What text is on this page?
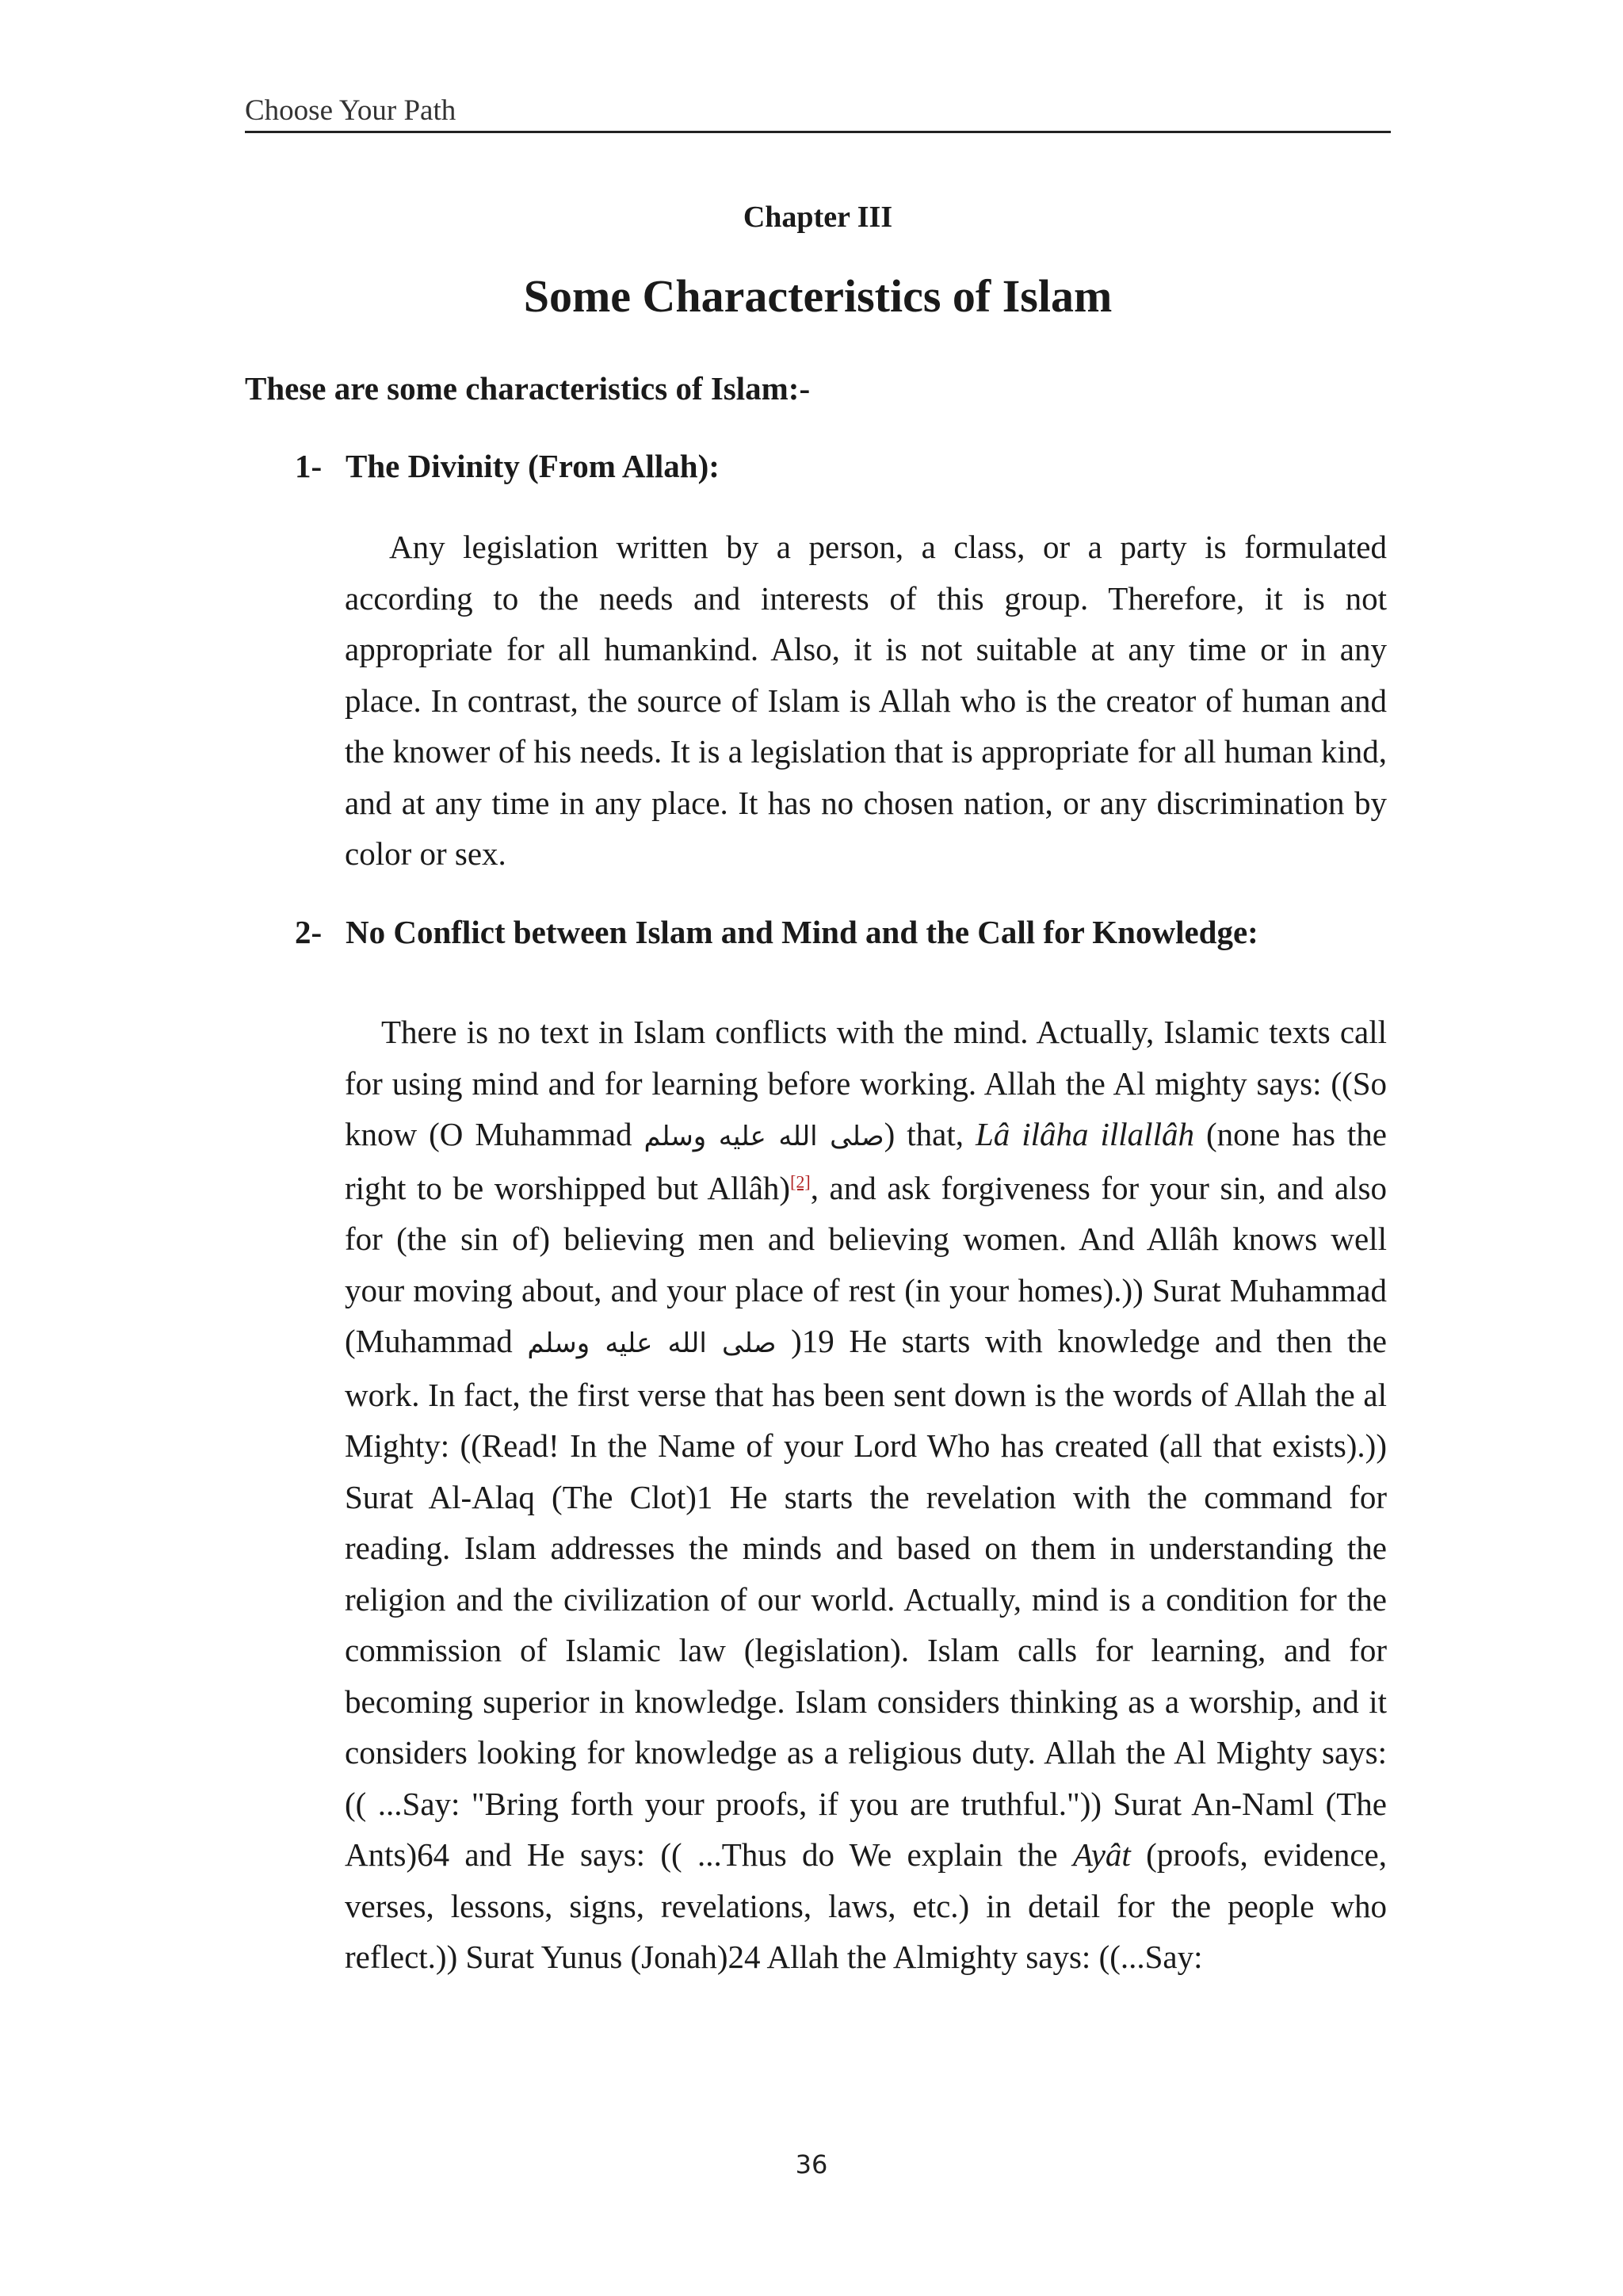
Choose Your Path
Chapter III
Some Characteristics of Islam
These are some characteristics of Islam:-
1- The Divinity (From Allah):

Any legislation written by a person, a class, or a party is formulated according to the needs and interests of this group. Therefore, it is not appropriate for all humankind. Also, it is not suitable at any time or in any place. In contrast, the source of Islam is Allah who is the creator of human and the knower of his needs. It is a legislation that is appropriate for all human kind, and at any time in any place. It has no chosen nation, or any discrimination by color or sex.

2- No Conflict between Islam and Mind and the Call for Knowledge:

There is no text in Islam conflicts with the mind. Actually, Islamic texts call for using mind and for learning before working. Allah the Al mighty says: ((So know (O Muhammad صلى الله عليه وسلم) that, Lâ ilâha illallâh (none has the right to be worshipped but Allâh)[2], and ask forgiveness for your sin, and also for (the sin of) believing men and believing women. And Allâh knows well your moving about, and your place of rest (in your homes).)) Surat Muhammad (Muhammad صلى الله عليه وسلم )19 He starts with knowledge and then the work. In fact, the first verse that has been sent down is the words of Allah the al Mighty: ((Read! In the Name of your Lord Who has created (all that exists).)) Surat Al-Alaq (The Clot)1 He starts the revelation with the command for reading. Islam addresses the minds and based on them in understanding the religion and the civilization of our world. Actually, mind is a condition for the commission of Islamic law (legislation). Islam calls for learning, and for becoming superior in knowledge. Islam considers thinking as a worship, and it considers looking for knowledge as a religious duty. Allah the Al Mighty says: (( ...Say: "Bring forth your proofs, if you are truthful.")) Surat An-Naml (The Ants)64 and He says: (( ...Thus do We explain the Ayât (proofs, evidence, verses, lessons, signs, revelations, laws, etc.) in detail for the people who reflect.)) Surat Yunus (Jonah)24 Allah the Almighty says: ((...Say:

36
